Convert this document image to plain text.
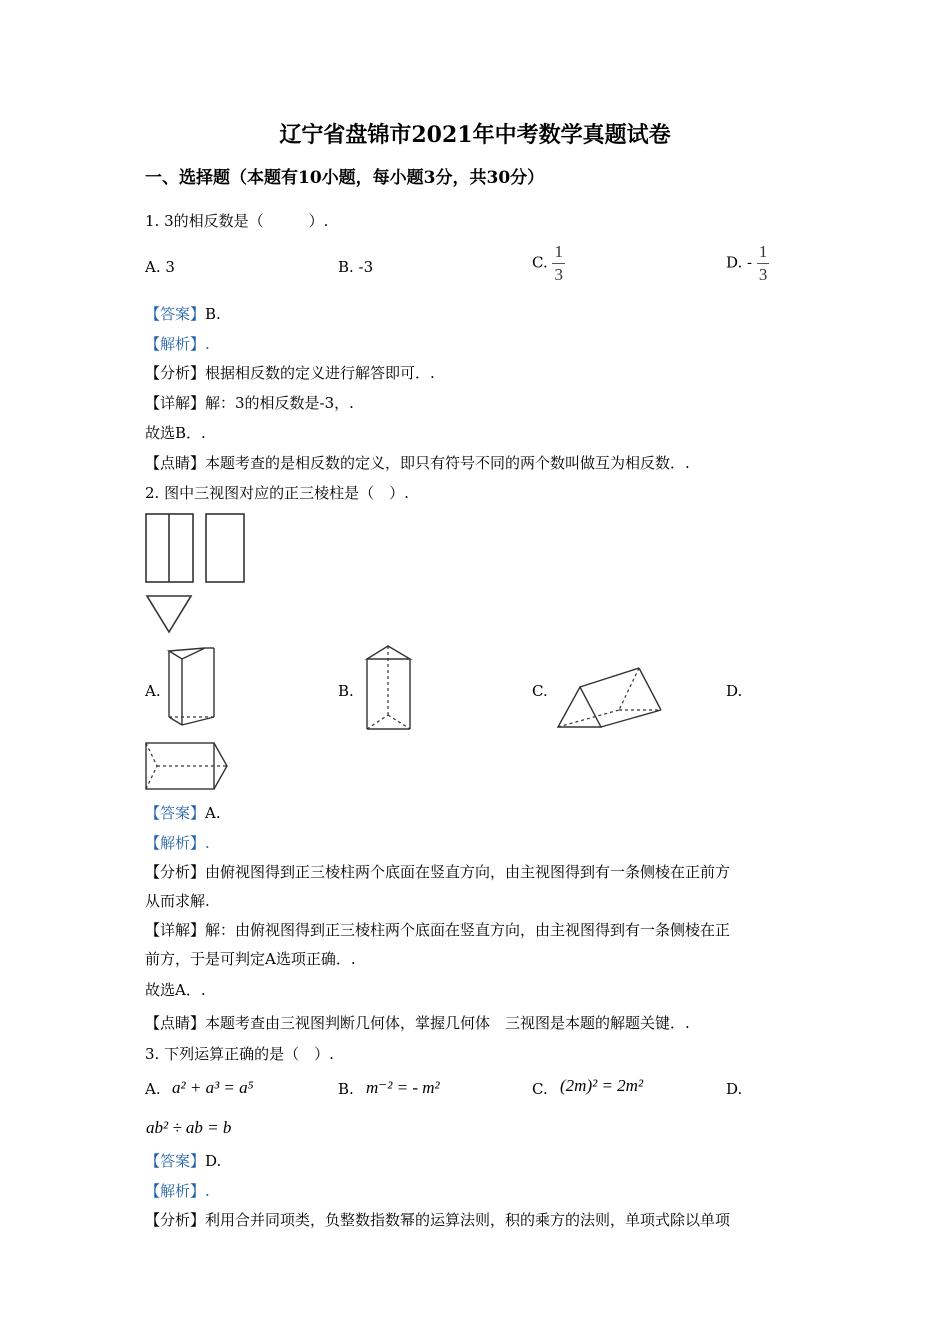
辽宁省盘锦市2021年中考数学真题试卷
一、选择题（本题有10小题，每小题3分，共30分）
1. 3的相反数是（　　　）.
A. 3	B. -3	C. $\frac{1}{3}$	D. - $\frac{1}{3}$
【答案】B.
【解析】.
【分析】根据相反数的定义进行解答即可．.
【详解】解：3的相反数是-3，.
故选B．.
【点睛】本题考查的是相反数的定义，即只有符号不同的两个数叫做互为相反数．.
2. 图中三视图对应的正三棱柱是（　）.
A.	B.	C.	D.
【答案】A.
【解析】.
【分析】由俯视图得到正三棱柱两个底面在竖直方向，由主视图得到有一条侧棱在正前方
从而求解.
【详解】解：由俯视图得到正三棱柱两个底面在竖直方向，由主视图得到有一条侧棱在正
前方，于是可判定A选项正确．.
故选A．.
【点睛】本题考查由三视图判断几何体，掌握几何体　三视图是本题的解题关键．.
3. 下列运算正确的是（　）.
A. a² + a³ = a⁵	B. m⁻² = - m²	C. (2m)² = 2m²	D.
ab² ÷ ab = b
【答案】D.
【解析】.
【分析】利用合并同项类，负整数指数幂的运算法则，积的乘方的法则，单项式除以单项
